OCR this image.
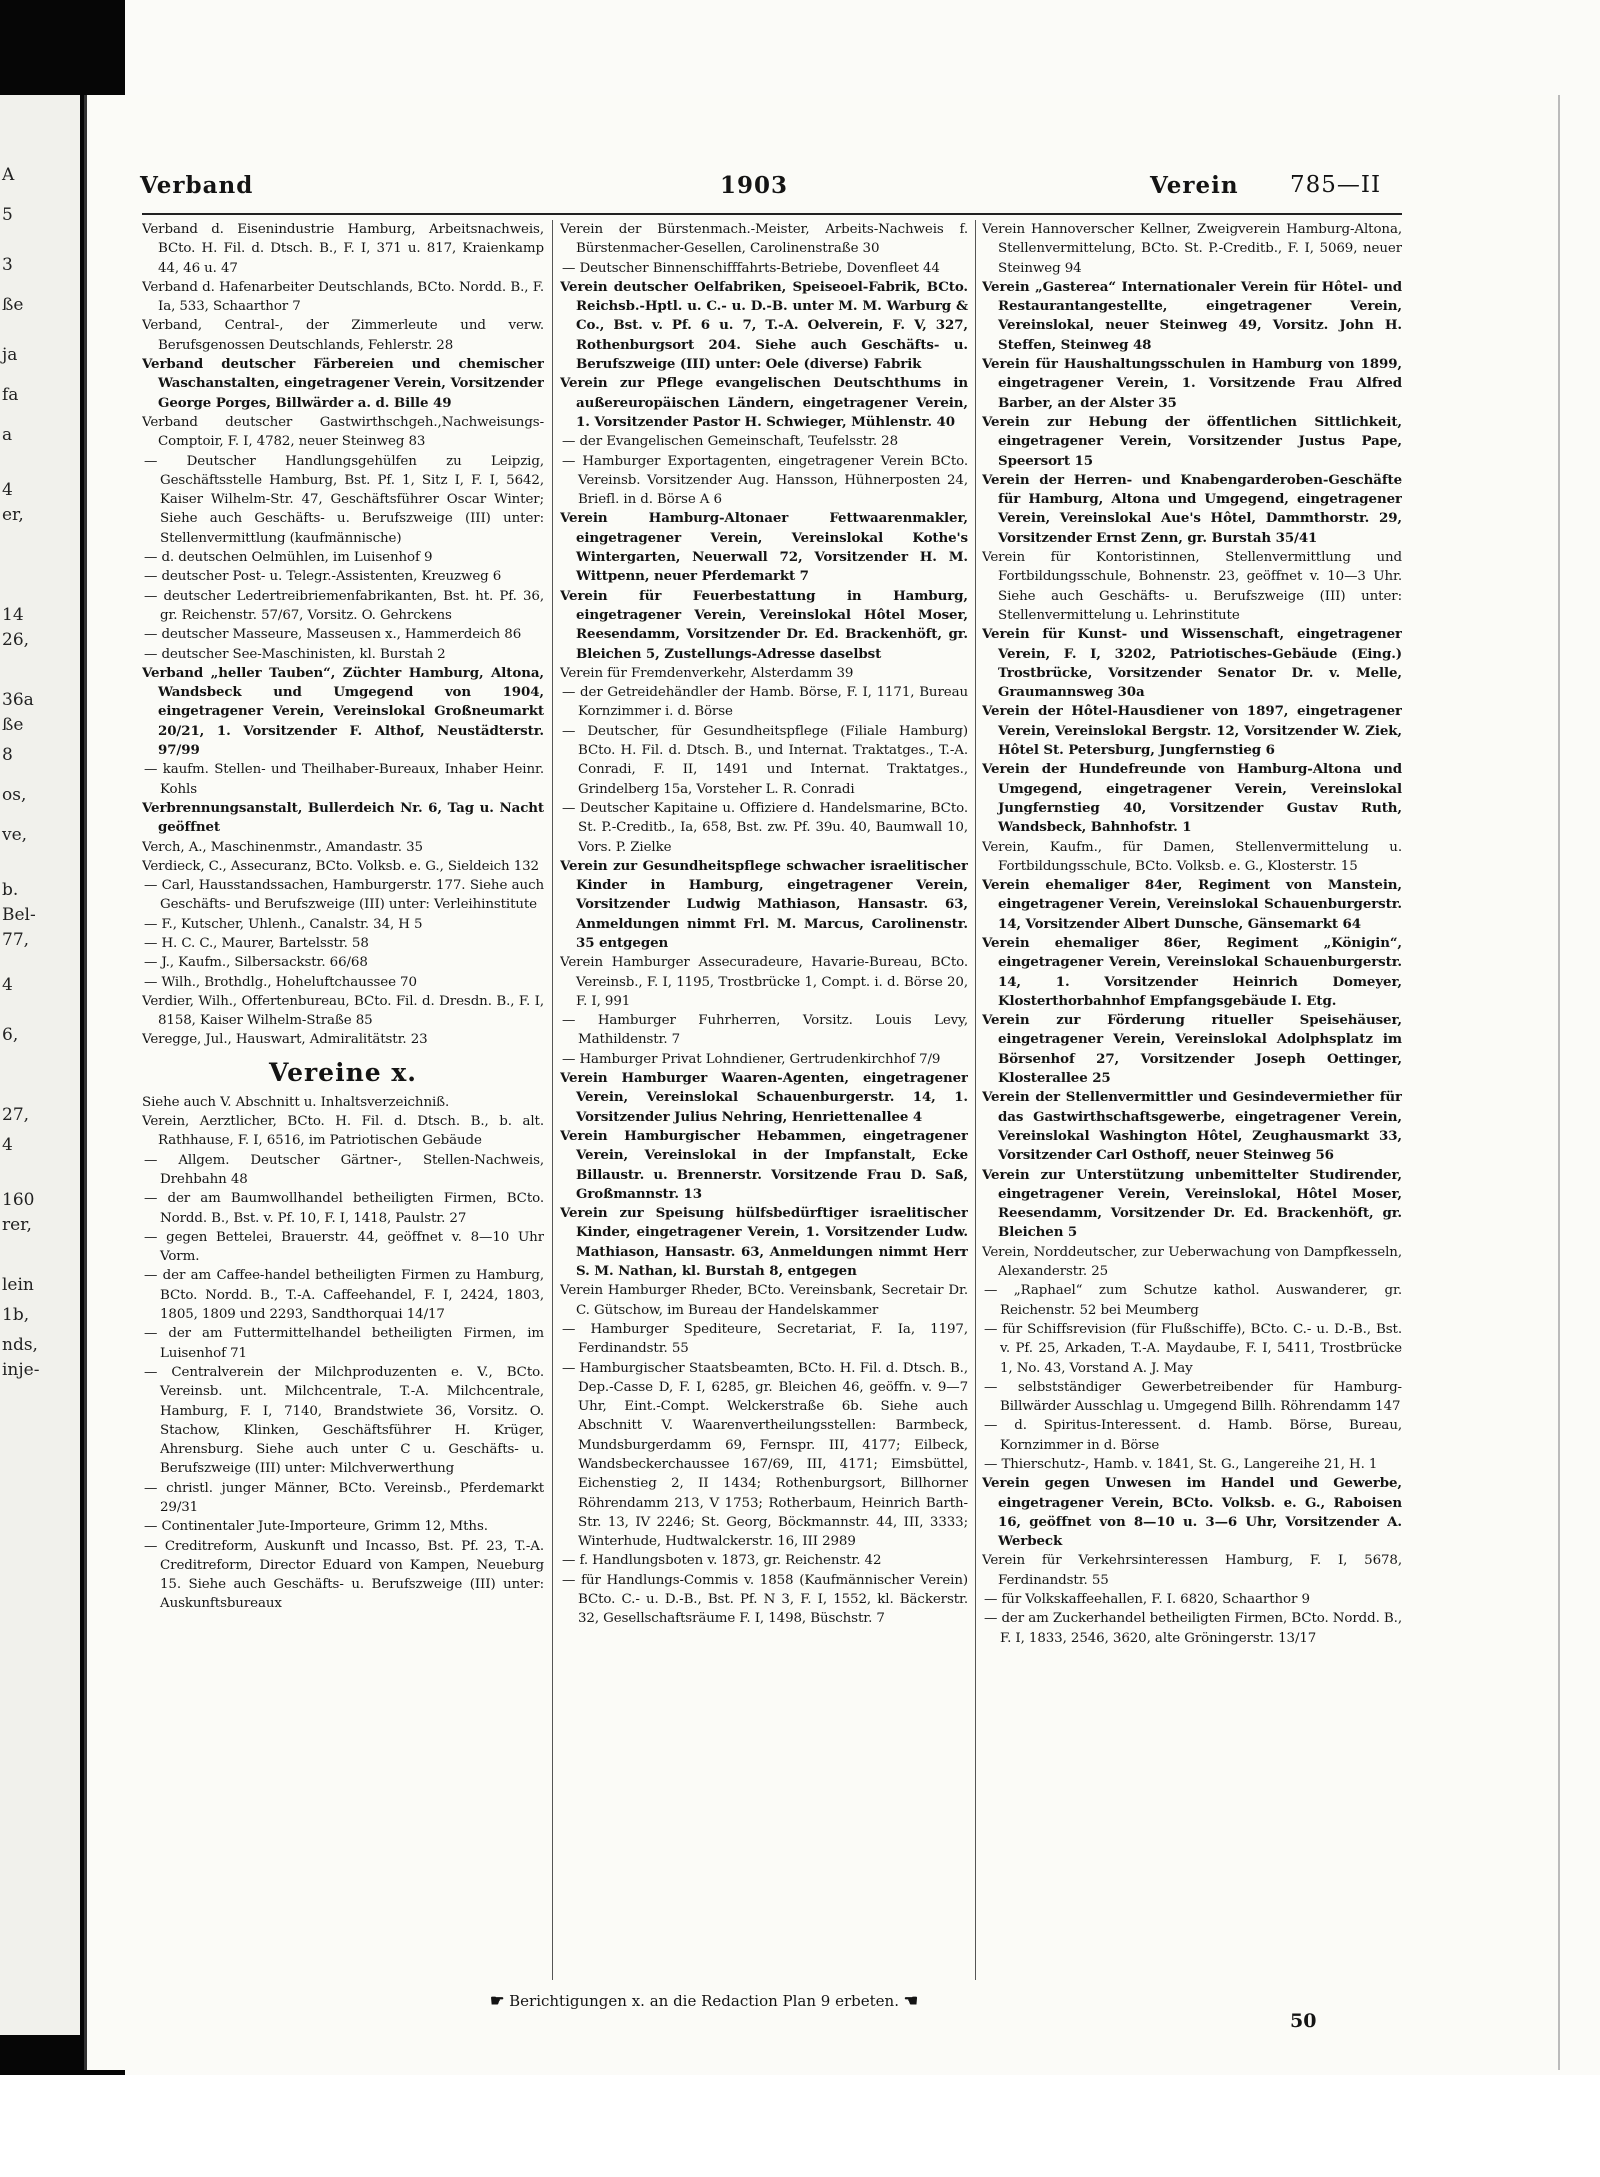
A
5
3
ße
ja
fa
a
4
er,
14
26,
36a
ße
8
os,
ve,
b.
Bel-
77,
4
6,
27,
4
160
rer,
lein
1b,
nds,
inje-
Verband	1903	Verein 785—II

Verband d. Eisenindustrie Hamburg, Arbeitsnachweis, BCto. H. Fil. d. Dtsch. B., F. I, 371 u. 817, Kraienkamp 44, 46 u. 47

Verband d. Hafenarbeiter Deutschlands, BCto. Nordd. B., F. Ia, 533, Schaarthor 7

Verband, Central-, der Zimmerleute und verw. Berufsgenossen Deutschlands, Fehlerstr. 28

Verband deutscher Färbereien und chemischer Waschanstalten, eingetragener Verein, Vorsitzender George Porges, Billwärder a. d. Bille 49

Verband deutscher Gastwirthschgeh.,Nachweisungs-Comptoir, F. I, 4782, neuer Steinweg 83

— Deutscher Handlungsgehülfen zu Leipzig, Geschäftsstelle Hamburg, Bst. Pf. 1, Sitz I, F. I, 5642, Kaiser Wilhelm-Str. 47, Geschäftsführer Oscar Winter; Siehe auch Geschäfts- u. Berufszweige (III) unter: Stellenvermittlung (kaufmännische)

— d. deutschen Oelmühlen, im Luisenhof 9

— deutscher Post- u. Telegr.-Assistenten, Kreuzweg 6

— deutscher Ledertreibriemenfabrikanten, Bst. ht. Pf. 36, gr. Reichenstr. 57/67, Vorsitz. O. Gehrckens

— deutscher Masseure, Masseusen x., Hammerdeich 86

— deutscher See-Maschinisten, kl. Burstah 2

Verband „heller Tauben“, Züchter Hamburg, Altona, Wandsbeck und Umgegend von 1904, eingetragener Verein, Vereinslokal Großneumarkt 20/21, 1. Vorsitzender F. Althof, Neustädterstr. 97/99

— kaufm. Stellen- und Theilhaber-Bureaux, Inhaber Heinr. Kohls

Verbrennungsanstalt, Bullerdeich Nr. 6, Tag u. Nacht geöffnet

Verch, A., Maschinenmstr., Amandastr. 35

Verdieck, C., Assecuranz, BCto. Volksb. e. G., Sieldeich 132

— Carl, Hausstandssachen, Hamburgerstr. 177. Siehe auch Geschäfts- und Berufszweige (III) unter: Verleihinstitute

— F., Kutscher, Uhlenh., Canalstr. 34, H 5

— H. C. C., Maurer, Bartelsstr. 58

— J., Kaufm., Silbersackstr. 66/68

— Wilh., Brothdlg., Hoheluftchaussee 70

Verdier, Wilh., Offertenbureau, BCto. Fil. d. Dresdn. B., F. I, 8158, Kaiser Wilhelm-Straße 85

Veregge, Jul., Hauswart, Admiralitätstr. 23

Vereine x.

Siehe auch V. Abschnitt u. Inhaltsverzeichniß.

Verein, Aerztlicher, BCto. H. Fil. d. Dtsch. B., b. alt. Rathhause, F. I, 6516, im Patriotischen Gebäude

— Allgem. Deutscher Gärtner-, Stellen-Nachweis, Drehbahn 48

— der am Baumwollhandel betheiligten Firmen, BCto. Nordd. B., Bst. v. Pf. 10, F. I, 1418, Paulstr. 27

— gegen Bettelei, Brauerstr. 44, geöffnet v. 8—10 Uhr Vorm.

— der am Caffee-handel betheiligten Firmen zu Hamburg, BCto. Nordd. B., T.-A. Caffeehandel, F. I, 2424, 1803, 1805, 1809 und 2293, Sandthorquai 14/17

— der am Futtermittelhandel betheiligten Firmen, im Luisenhof 71

— Centralverein der Milchproduzenten e. V., BCto. Vereinsb. unt. Milchcentrale, T.-A. Milchcentrale, Hamburg, F. I, 7140, Brandstwiete 36, Vorsitz. O. Stachow, Klinken, Geschäftsführer H. Krüger, Ahrensburg. Siehe auch unter C u. Geschäfts- u. Berufszweige (III) unter: Milchverwerthung

— christl. junger Männer, BCto. Vereinsb., Pferdemarkt 29/31

— Continentaler Jute-Importeure, Grimm 12, Mths.

— Creditreform, Auskunft und Incasso, Bst. Pf. 23, T.-A. Creditreform, Director Eduard von Kampen, Neueburg 15. Siehe auch Geschäfts- u. Berufszweige (III) unter: Auskunftsbureaux

Verein der Bürstenmach.-Meister, Arbeits-Nachweis f. Bürstenmacher-Gesellen, Carolinenstraße 30

— Deutscher Binnenschifffahrts-Betriebe, Dovenfleet 44

Verein deutscher Oelfabriken, Speiseoel-Fabrik, BCto. Reichsb.-Hptl. u. C.- u. D.-B. unter M. M. Warburg & Co., Bst. v. Pf. 6 u. 7, T.-A. Oelverein, F. V, 327, Rothenburgsort 204. Siehe auch Geschäfts- u. Berufszweige (III) unter: Oele (diverse) Fabrik

Verein zur Pflege evangelischen Deutschthums in außereuropäischen Ländern, eingetragener Verein, 1. Vorsitzender Pastor H. Schwieger, Mühlenstr. 40

— der Evangelischen Gemeinschaft, Teufelsstr. 28

— Hamburger Exportagenten, eingetragener Verein BCto. Vereinsb. Vorsitzender Aug. Hansson, Hühnerposten 24, Briefl. in d. Börse A 6

Verein Hamburg-Altonaer Fettwaarenmakler, eingetragener Verein, Vereinslokal Kothe's Wintergarten, Neuerwall 72, Vorsitzender H. M. Wittpenn, neuer Pferdemarkt 7

Verein für Feuerbestattung in Hamburg, eingetragener Verein, Vereinslokal Hôtel Moser, Reesendamm, Vorsitzender Dr. Ed. Brackenhöft, gr. Bleichen 5, Zustellungs-Adresse daselbst

Verein für Fremdenverkehr, Alsterdamm 39

— der Getreidehändler der Hamb. Börse, F. I, 1171, Bureau Kornzimmer i. d. Börse

— Deutscher, für Gesundheitspflege (Filiale Hamburg) BCto. H. Fil. d. Dtsch. B., und Internat. Traktatges., T.-A. Conradi, F. II, 1491 und Internat. Traktatges., Grindelberg 15a, Vorsteher L. R. Conradi

— Deutscher Kapitaine u. Offiziere d. Handelsmarine, BCto. St. P.-Creditb., Ia, 658, Bst. zw. Pf. 39u. 40, Baumwall 10, Vors. P. Zielke

Verein zur Gesundheitspflege schwacher israelitischer Kinder in Hamburg, eingetragener Verein, Vorsitzender Ludwig Mathiason, Hansastr. 63, Anmeldungen nimmt Frl. M. Marcus, Carolinenstr. 35 entgegen

Verein Hamburger Assecuradeure, Havarie-Bureau, BCto. Vereinsb., F. I, 1195, Trostbrücke 1, Compt. i. d. Börse 20, F. I, 991

— Hamburger Fuhrherren, Vorsitz. Louis Levy, Mathildenstr. 7

— Hamburger Privat Lohndiener, Gertrudenkirchhof 7/9

Verein Hamburger Waaren-Agenten, eingetragener Verein, Vereinslokal Schauenburgerstr. 14, 1. Vorsitzender Julius Nehring, Henriettenallee 4

Verein Hamburgischer Hebammen, eingetragener Verein, Vereinslokal in der Impfanstalt, Ecke Billaustr. u. Brennerstr. Vorsitzende Frau D. Saß, Großmannstr. 13

Verein zur Speisung hülfsbedürftiger israelitischer Kinder, eingetragener Verein, 1. Vorsitzender Ludw. Mathiason, Hansastr. 63, Anmeldungen nimmt Herr S. M. Nathan, kl. Burstah 8, entgegen

Verein Hamburger Rheder, BCto. Vereinsbank, Secretair Dr. C. Gütschow, im Bureau der Handelskammer

— Hamburger Spediteure, Secretariat, F. Ia, 1197, Ferdinandstr. 55

— Hamburgischer Staatsbeamten, BCto. H. Fil. d. Dtsch. B., Dep.-Casse D, F. I, 6285, gr. Bleichen 46, geöffn. v. 9—7 Uhr, Eint.-Compt. Welckerstraße 6b. Siehe auch Abschnitt V. Waarenvertheilungsstellen: Barmbeck, Mundsburgerdamm 69, Fernspr. III, 4177; Eilbeck, Wandsbeckerchaussee 167/69, III, 4171; Eimsbüttel, Eichenstieg 2, II 1434; Rothenburgsort, Billhorner Röhrendamm 213, V 1753; Rotherbaum, Heinrich Barth-Str. 13, IV 2246; St. Georg, Böckmannstr. 44, III, 3333; Winterhude, Hudtwalckerstr. 16, III 2989

— f. Handlungsboten v. 1873, gr. Reichenstr. 42

— für Handlungs-Commis v. 1858 (Kaufmännischer Verein) BCto. C.- u. D.-B., Bst. Pf. N 3, F. I, 1552, kl. Bäckerstr. 32, Gesellschaftsräume F. I, 1498, Büschstr. 7

Verein Hannoverscher Kellner, Zweigverein Hamburg-Altona, Stellenvermittelung, BCto. St. P.-Creditb., F. I, 5069, neuer Steinweg 94

Verein „Gasterea“ Internationaler Verein für Hôtel- und Restaurantangestellte, eingetragener Verein, Vereinslokal, neuer Steinweg 49, Vorsitz. John H. Steffen, Steinweg 48

Verein für Haushaltungsschulen in Hamburg von 1899, eingetragener Verein, 1. Vorsitzende Frau Alfred Barber, an der Alster 35

Verein zur Hebung der öffentlichen Sittlichkeit, eingetragener Verein, Vorsitzender Justus Pape, Speersort 15

Verein der Herren- und Knabengarderoben-Geschäfte für Hamburg, Altona und Umgegend, eingetragener Verein, Vereinslokal Aue's Hôtel, Dammthorstr. 29, Vorsitzender Ernst Zenn, gr. Burstah 35/41

Verein für Kontoristinnen, Stellenvermittlung und Fortbildungsschule, Bohnenstr. 23, geöffnet v. 10—3 Uhr. Siehe auch Geschäfts- u. Berufszweige (III) unter: Stellenvermittelung u. Lehrinstitute

Verein für Kunst- und Wissenschaft, eingetragener Verein, F. I, 3202, Patriotisches-Gebäude (Eing.) Trostbrücke, Vorsitzender Senator Dr. v. Melle, Graumannsweg 30a

Verein der Hôtel-Hausdiener von 1897, eingetragener Verein, Vereinslokal Bergstr. 12, Vorsitzender W. Ziek, Hôtel St. Petersburg, Jungfernstieg 6

Verein der Hundefreunde von Hamburg-Altona und Umgegend, eingetragener Verein, Vereinslokal Jungfernstieg 40, Vorsitzender Gustav Ruth, Wandsbeck, Bahnhofstr. 1

Verein, Kaufm., für Damen, Stellenvermittelung u. Fortbildungsschule, BCto. Volksb. e. G., Klosterstr. 15

Verein ehemaliger 84er, Regiment von Manstein, eingetragener Verein, Vereinslokal Schauenburgerstr. 14, Vorsitzender Albert Dunsche, Gänsemarkt 64

Verein ehemaliger 86er, Regiment „Königin“, eingetragener Verein, Vereinslokal Schauenburgerstr. 14, 1. Vorsitzender Heinrich Domeyer, Klosterthorbahnhof Empfangsgebäude I. Etg.

Verein zur Förderung ritueller Speisehäuser, eingetragener Verein, Vereinslokal Adolphsplatz im Börsenhof 27, Vorsitzender Joseph Oettinger, Klosterallee 25

Verein der Stellenvermittler und Gesindevermiether für das Gastwirthschaftsgewerbe, eingetragener Verein, Vereinslokal Washington Hôtel, Zeughausmarkt 33, Vorsitzender Carl Osthoff, neuer Steinweg 56

Verein zur Unterstützung unbemittelter Studirender, eingetragener Verein, Vereinslokal, Hôtel Moser, Reesendamm, Vorsitzender Dr. Ed. Brackenhöft, gr. Bleichen 5

Verein, Norddeutscher, zur Ueberwachung von Dampfkesseln, Alexanderstr. 25

— „Raphael“ zum Schutze kathol. Auswanderer, gr. Reichenstr. 52 bei Meumberg

— für Schiffsrevision (für Flußschiffe), BCto. C.- u. D.-B., Bst. v. Pf. 25, Arkaden, T.-A. Maydaube, F. I, 5411, Trostbrücke 1, No. 43, Vorstand A. J. May

— selbstständiger Gewerbetreibender für Hamburg-Billwärder Ausschlag u. Umgegend Billh. Röhrendamm 147

— d. Spiritus-Interessent. d. Hamb. Börse, Bureau, Kornzimmer in d. Börse

— Thierschutz-, Hamb. v. 1841, St. G., Langereihe 21, H. 1

Verein gegen Unwesen im Handel und Gewerbe, eingetragener Verein, BCto. Volksb. e. G., Raboisen 16, geöffnet von 8—10 u. 3—6 Uhr, Vorsitzender A. Werbeck

Verein für Verkehrsinteressen Hamburg, F. I, 5678, Ferdinandstr. 55

— für Volkskaffeehallen, F. I. 6820, Schaarthor 9

— der am Zuckerhandel betheiligten Firmen, BCto. Nordd. B., F. I, 1833, 2546, 3620, alte Gröningerstr. 13/17

☛ Berichtigungen x. an die Redaction Plan 9 erbeten. ☚
50
